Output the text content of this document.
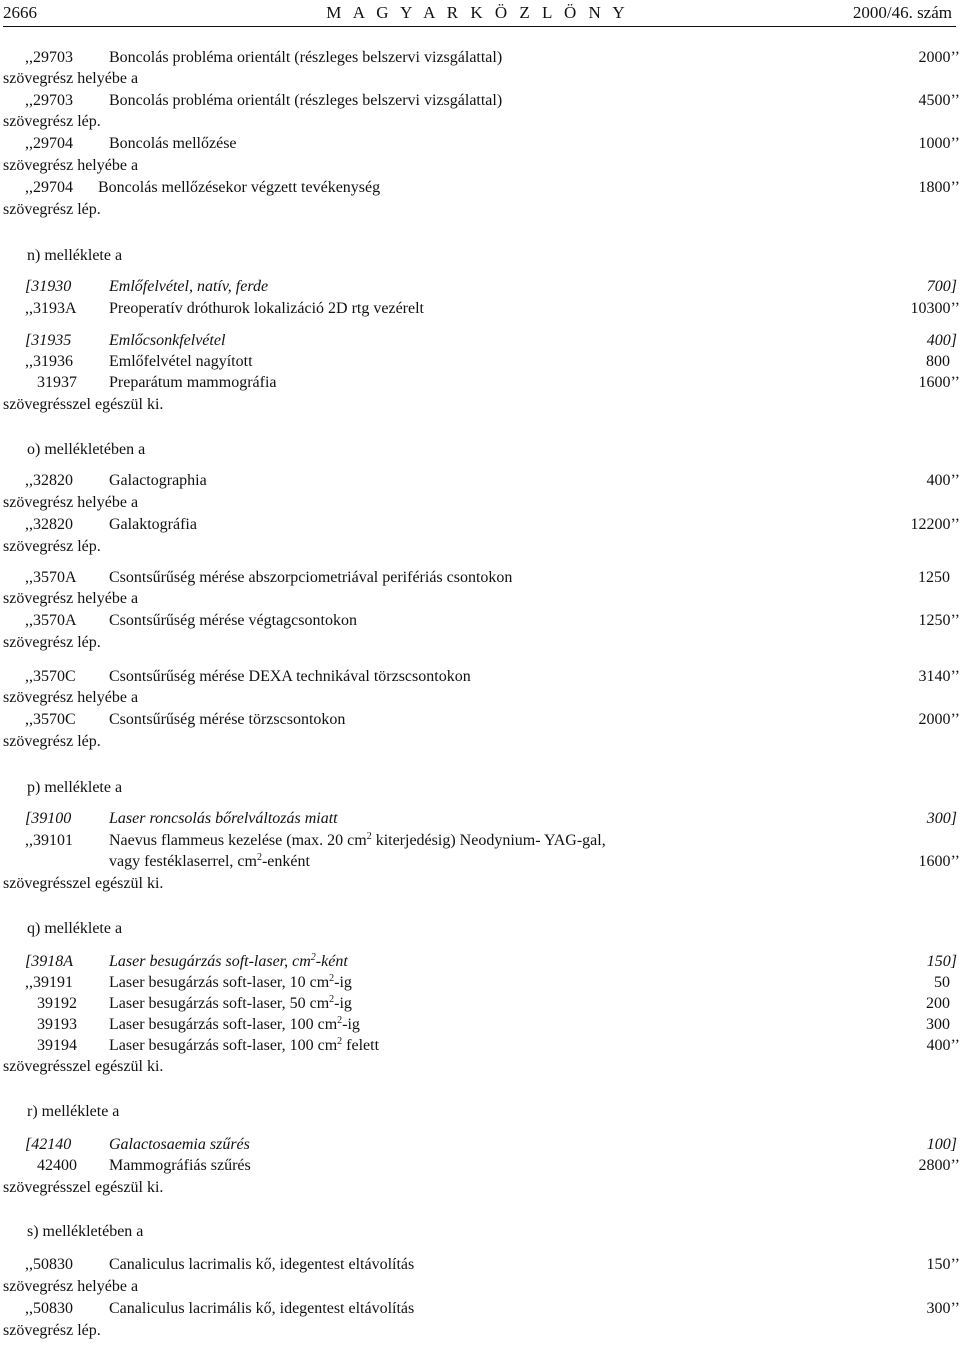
2666	M A G Y A R K Ö Z L Ö N Y	2000/46. szám
,,29703 Boncolás probléma orientált (részleges belszervi vizsgálattal)	2000’’
szövegrész helyébe a
,,29703 Boncolás probléma orientált (részleges belszervi vizsgálattal)	4500’’
szövegrész lép.
,,29704 Boncolás mellőzése	1000’’
szövegrész helyébe a
,,29704 Boncolás mellőzésekor végzett tevékenység	1800’’
szövegrész lép.
n) melléklete a
[31930 Emlőfelvétel, natív, ferde	700]
,,3193A Preoperatív dróthurok lokalizáció 2D rtg vezérelt	10300’’
[31935 Emlőcsonkfelvétel	400]
,,31936 Emlőfelvétel nagyított	800
31937 Preparátum mammográfia	1600’’
szövegrésszel egészül ki.
o) mellékletében a
,,32820 Galactographia	400’’
szövegrész helyébe a
,,32820 Galaktográfia	12200’’
szövegrész lép.
,,3570A Csontsűrűség mérése abszorpciometriával perifériás csontokon	1250
szövegrész helyébe a
,,3570A Csontsűrűség mérése végtagcsontokon	1250’’
szövegrész lép.
,,3570C Csontsűrűség mérése DEXA technikával törzscsontokon	3140’’
szövegrész helyébe a
,,3570C Csontsűrűség mérése törzscsontokon	2000’’
szövegrész lép.
p) melléklete a
[39100 Laser roncsolás bőrelváltozás miatt	300]
,,39101 Naevus flammeus kezelése (max. 20 $cm^2$ kiterjedésig) Neodynium- YAG-gal,
vagy festéklaserrel, $cm^2$-enként	1600’’
szövegrésszel egészül ki.
q) melléklete a
[3918A Laser besugárzás soft-laser, $cm^2$-ként	150]
,,39191 Laser besugárzás soft-laser, 10 $cm^2-ig$	50
39192 Laser besugárzás soft-laser, 50 $cm^2-ig$	200
39193 Laser besugárzás soft-laser, 100 $cm^2-ig$	300
39194 Laser besugárzás soft-laser, 100 $cm^2$ felett	400’’
szövegrésszel egészül ki.
r) melléklete a
[42140 Galactosaemia szűrés	100]
42400 Mammográfiás szűrés	2800’’
szövegrésszel egészül ki.
s) mellékletében a
,,50830 Canaliculus lacrimalis kő, idegentest eltávolítás	150’’
szövegrész helyébe a
,,50830 Canaliculus lacrimális kő, idegentest eltávolítás	300’’
szövegrész lép.
